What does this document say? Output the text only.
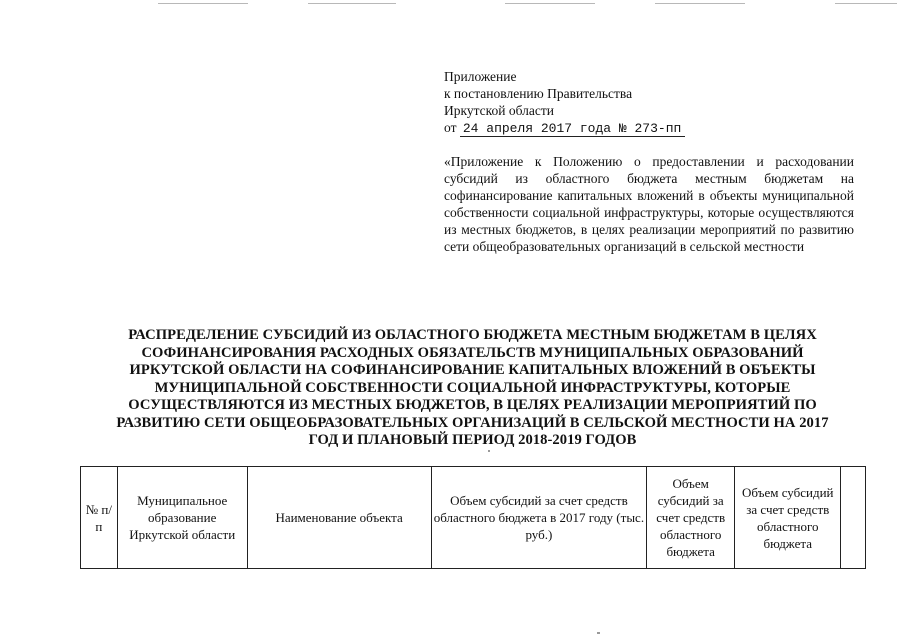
Приложение
к постановлению Правительства
Иркутской области
от 24 апреля 2017 года № 273-пп
«Приложение к Положению о предоставлении и расходовании субсидий из областного бюджета местным бюджетам на софинансирование капитальных вложений в объекты муниципальной собственности социальной инфраструктуры, которые осуществляются из местных бюджетов, в целях реализации мероприятий по развитию сети общеобразовательных организаций в сельской местности
РАСПРЕДЕЛЕНИЕ СУБСИДИЙ ИЗ ОБЛАСТНОГО БЮДЖЕТА МЕСТНЫМ БЮДЖЕТАМ В ЦЕЛЯХ СОФИНАНСИРОВАНИЯ РАСХОДНЫХ ОБЯЗАТЕЛЬСТВ МУНИЦИПАЛЬНЫХ ОБРАЗОВАНИЙ ИРКУТСКОЙ ОБЛАСТИ НА СОФИНАНСИРОВАНИЕ КАПИТАЛЬНЫХ ВЛОЖЕНИЙ В ОБЪЕКТЫ МУНИЦИПАЛЬНОЙ СОБСТВЕННОСТИ СОЦИАЛЬНОЙ ИНФРАСТРУКТУРЫ, КОТОРЫЕ ОСУЩЕСТВЛЯЮТСЯ ИЗ МЕСТНЫХ БЮДЖЕТОВ, В ЦЕЛЯХ РЕАЛИЗАЦИИ МЕРОПРИЯТИЙ ПО РАЗВИТИЮ СЕТИ ОБЩЕОБРАЗОВАТЕЛЬНЫХ ОРГАНИЗАЦИЙ В СЕЛЬСКОЙ МЕСТНОСТИ НА 2017 ГОД И ПЛАНОВЫЙ ПЕРИОД 2018-2019 ГОДОВ
№ п/п	Муниципальное образование Иркутской области	Наименование объекта	Объем субсидий за счет средств областного бюджета в 2017 году (тыс. руб.)	Объем субсидий за счет средств областного бюджета	Объем субсидий за счет средств областного бюджета	
